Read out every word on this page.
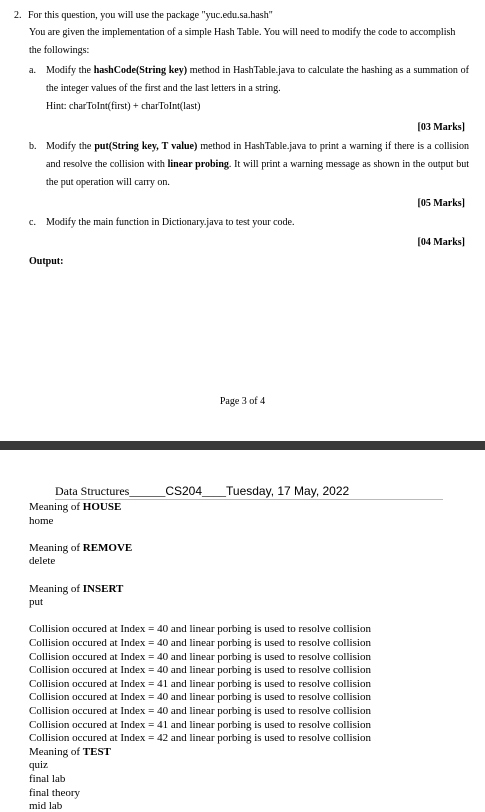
2. For this question, you will use the package "yuc.edu.sa.hash"
You are given the implementation of a simple Hash Table. You will need to modify the code to accomplish the followings:
a. Modify the hashCode(String key) method in HashTable.java to calculate the hashing as a summation of the integer values of the first and the last letters in a string.
Hint: charToInt(first) + charToInt(last)
[03 Marks]
b. Modify the put(String key, T value) method in HashTable.java to print a warning if there is a collision and resolve the collision with linear probing. It will print a warning message as shown in the output but the put operation will carry on.
[05 Marks]
c. Modify the main function in Dictionary.java to test your code.
[04 Marks]
Output:
Page 3 of 4
Data Structures______CS204____Tuesday, 17 May, 2022
Meaning of HOUSE
home
Meaning of REMOVE
delete
Meaning of INSERT
put
Collision occured at Index = 40 and linear porbing is used to resolve collision
Collision occured at Index = 40 and linear porbing is used to resolve collision
Collision occured at Index = 40 and linear porbing is used to resolve collision
Collision occured at Index = 40 and linear porbing is used to resolve collision
Collision occured at Index = 41 and linear porbing is used to resolve collision
Collision occured at Index = 40 and linear porbing is used to resolve collision
Collision occured at Index = 40 and linear porbing is used to resolve collision
Collision occured at Index = 41 and linear porbing is used to resolve collision
Collision occured at Index = 42 and linear porbing is used to resolve collision
Meaning of TEST
quiz
final lab
final theory
mid lab
